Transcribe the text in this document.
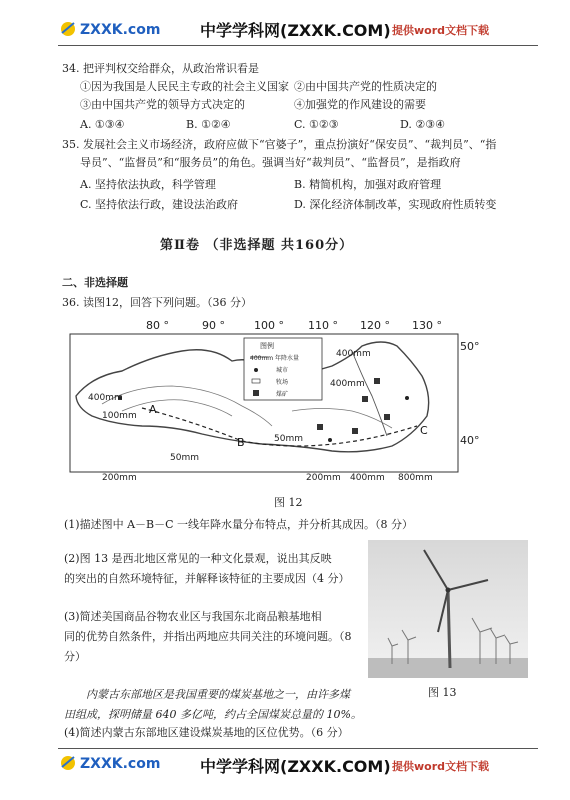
ZXXK.com 中学学科网(ZXXK.COM) 提供word文档下载
34. 把评判权交给群众，从政治常识看是
①因为我国是人民民主专政的社会主义国家 ②由中国共产党的性质决定的
③由中国共产党的领导方式决定的	④加强党的作风建设的需要
A. ①③④	B. ①②④	C. ①②③	D. ②③④
35. 发展社会主义市场经济，政府应做下“官婆子”，重点扮演好“保安员”、“裁判员”、“指
导员”、“监督员”和“服务员”的角色。强调当好“裁判员”、“监督员”，是指政府
A. 坚持依法执政，科学管理	B. 精简机构，加强对政府管理
C. 坚持依法行政，建设法治政府	D. 深化经济体制改革，实现政府性质转变
第Ⅱ卷 （非选择题 共160分）
二、非选择题
36. 读图12，回答下列问题。（36 分）
80 °	90 °	100 ° 110 ° 120 ° 130 °
50°
40°
图例
400mm 年降水量
城市
牧场
煤矿
A
B
C
400mm
400mm
400mm
100mm
50mm
50mm
200mm	200mm 400mm 800mm
图 12
(1)描述图中 A－B－C 一线年降水量分布特点，并分析其成因。（8 分）
(2)图 13 是西北地区常见的一种文化景观，说出其反映
的突出的自然环境特征，并解释该特征的主要成因（4 分）
(3)简述美国商品谷物农业区与我国东北商品粮基地相
同的优势自然条件，并指出两地应共同关注的环境问题。（8
分）
图 13
内蒙古东部地区是我国重要的煤炭基地之一，由许多煤
田组成，探明储量 640 多亿吨，约占全国煤炭总量的 10%。
(4)简述内蒙古东部地区建设煤炭基地的区位优势。（6 分）
ZXXK.com 中学学科网(ZXXK.COM) 提供word文档下载
